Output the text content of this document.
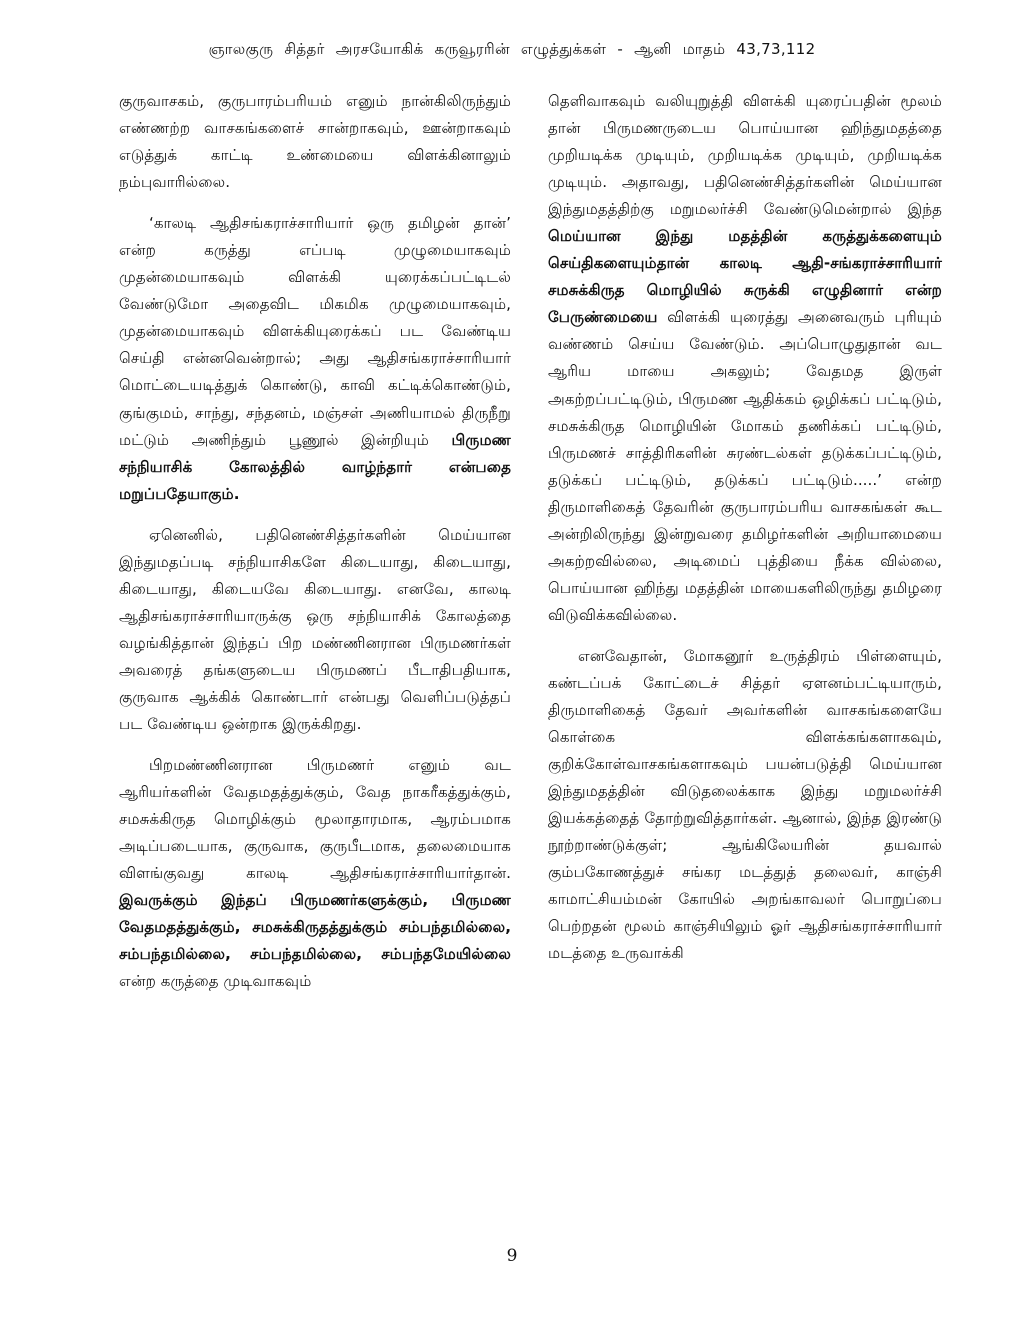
ஞாலகுரு சித்தர் அரசயோகிக் கருவூரரின் எழுத்துக்கள் - ஆனி மாதம் 43,73,112

குருவாசகம், குருபாரம்பரியம் எனும் நான்கிலிருந்தும் எண்ணற்ற வாசகங்களைச் சான்றாகவும், ஊன்றாகவும் எடுத்துக் காட்டி உண்மையை விளக்கினாலும் நம்புவாரில்லை.

‘காலடி ஆதிசங்கராச்சாரியார் ஒரு தமிழன் தான்’ என்ற கருத்து எப்படி முழுமையாகவும் முதன்மையாகவும் விளக்கி யுரைக்கப்பட்டிடல் வேண்டுமோ அதைவிட மிகமிக முழுமையாகவும், முதன்மையாகவும் விளக்கியுரைக்கப் பட வேண்டிய செய்தி என்னவென்றால்; அது ஆதிசங்கராச்சாரியார் மொட்டையடித்துக் கொண்டு, காவி கட்டிக்கொண்டும், குங்குமம், சாந்து, சந்தனம், மஞ்சள் அணியாமல் திருநீறு மட்டும் அணிந்தும் பூணூல் இன்றியும் பிருமண சந்நியாசிக் கோலத்தில் வாழ்ந்தார் என்பதை மறுப்பதேயாகும்.

ஏனெனில், பதினெண்சித்தர்களின் மெய்யான இந்துமதப்படி சந்நியாசிகளே கிடையாது, கிடையாது, கிடையாது, கிடையவே கிடையாது. எனவே, காலடி ஆதிசங்கராச்சாரியாருக்கு ஒரு சந்நியாசிக் கோலத்தை வழங்கித்தான் இந்தப் பிற மண்ணினரான பிருமணர்கள் அவரைத் தங்களுடைய பிருமணப் பீடாதிபதியாக, குருவாக ஆக்கிக் கொண்டார் என்பது வெளிப்படுத்தப் பட வேண்டிய ஒன்றாக இருக்கிறது.

பிறமண்ணினரான பிருமணர் எனும் வட ஆரியர்களின் வேதமதத்துக்கும், வேத நாகரீகத்துக்கும், சமசுக்கிருத மொழிக்கும் மூலாதாரமாக, ஆரம்பமாக அடிப்படையாக, குருவாக, குருபீடமாக, தலைமையாக விளங்குவது காலடி ஆதிசங்கராச்சாரியார்தான். இவருக்கும் இந்தப் பிருமணர்களுக்கும், பிருமண வேதமதத்துக்கும், சமசுக்கிருதத்துக்கும் சம்பந்தமில்லை, சம்பந்தமில்லை, சம்பந்தமில்லை, சம்பந்தமேயில்லை என்ற கருத்தை முடிவாகவும்

தெளிவாகவும் வலியுறுத்தி விளக்கி யுரைப்பதின் மூலம் தான் பிருமணருடைய பொய்யான ஹிந்துமதத்தை முறியடிக்க முடியும், முறியடிக்க முடியும், முறியடிக்க முடியும். அதாவது, பதினெண்சித்தர்களின் மெய்யான இந்துமதத்திற்கு மறுமலர்ச்சி வேண்டுமென்றால் இந்த மெய்யான இந்து மதத்தின் கருத்துக்களையும் செய்திகளையும்தான் காலடி ஆதி-சங்கராச்சாரியார் சமசுக்கிருத மொழியில் சுருக்கி எழுதினார் என்ற பேருண்மையை விளக்கி யுரைத்து அனைவரும் புரியும் வண்ணம் செய்ய வேண்டும். அப்பொழுதுதான் வட ஆரிய மாயை அகலும்; வேதமத இருள் அகற்றப்பட்டிடும், பிருமண ஆதிக்கம் ஒழிக்கப் பட்டிடும், சமசுக்கிருத மொழியின் மோகம் தணிக்கப் பட்டிடும், பிருமணச் சாத்திரிகளின் சுரண்டல்கள் தடுக்கப்பட்டிடும், தடுக்கப் பட்டிடும், தடுக்கப் பட்டிடும்.....’ என்ற திருமாளிகைத் தேவரின் குருபாரம்பரிய வாசகங்கள் கூட அன்றிலிருந்து இன்றுவரை தமிழர்களின் அறியாமையை அகற்றவில்லை, அடிமைப் புத்தியை நீக்க வில்லை, பொய்யான ஹிந்து மதத்தின் மாயைகளிலிருந்து தமிழரை விடுவிக்கவில்லை.

எனவேதான், மோகனூர் உருத்திரம் பிள்ளையும், கண்டப்பக் கோட்டைச் சித்தர் ஏளனம்பட்டியாரும், திருமாளிகைத் தேவர் அவர்களின் வாசகங்களையே கொள்கை விளக்கங்களாகவும், குறிக்கோள்வாசகங்களாகவும் பயன்படுத்தி மெய்யான இந்துமதத்தின் விடுதலைக்காக இந்து மறுமலர்ச்சி இயக்கத்தைத் தோற்றுவித்தார்கள். ஆனால், இந்த இரண்டு நூற்றாண்டுக்குள்; ஆங்கிலேயரின் தயவால் கும்பகோணத்துச் சங்கர மடத்துத் தலைவர், காஞ்சி காமாட்சியம்மன் கோயில் அறங்காவலர் பொறுப்பை பெற்றதன் மூலம் காஞ்சியிலும் ஓர் ஆதிசங்கராச்சாரியார் மடத்தை உருவாக்கி

9
